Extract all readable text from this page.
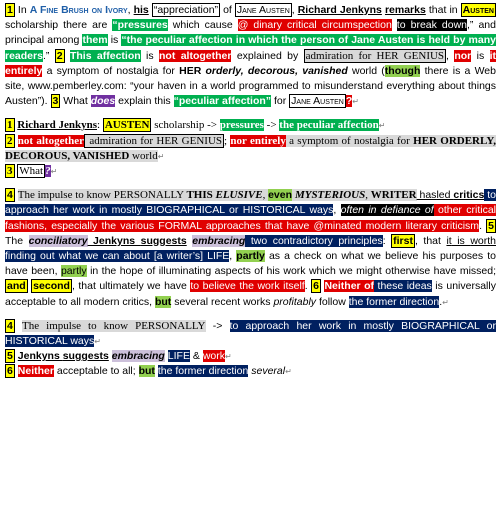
1 In A Fine Brush on Ivory, his “appreciation” of Jane Austen , Richard Jenkyns remarks that in Austen scholarship there are “pressures which cause @ dinary critical circumspection to break down,” and principal among them is “the peculiar affection in which the person of Jane Austen is held by many readers.” 2 This affection is not altogether explained by admiration for HER GENIUS , nor is it entirely a symptom of nostalgia for HER orderly, decorous, vanished world (though there is a Web site, www.pemberley.com: “your haven in a world programmed to misunderstand everything about things Austen”). 3 What does explain this “peculiar affection” for Jane Austen ?↵

1 Richard Jenkyns: AUSTEN scholarship -> pressures -> the peculiar affection↵
2 not altogether admiration for HER GENIUS ; nor entirely a symptom of nostalgia for HER ORDERLY, DECOROUS, VANISHED world↵
3 What ?↵

4 The impulse to know PERSONALLY THIS ELUSIVE, even MYSTERIOUS, WRITER hasled critics to approach her work in mostly BIOGRAPHICAL or HISTORICAL ways, often in defiance of other critical fashions, especially the various FORMAL approaches that have @minated modern literary criticism. 5 The conciliatory Jenkyns suggests embracing two contradictory principles: first , that it is worth finding out what we can about [a writer’s] LIFE, partly as a check on what we believe his purposes to have been, partly in the hope of illuminating aspects of his work which we might otherwise have missed; and second , that ultimately we have to believe the work itself. 6 Neither of these ideas is universally acceptable to all modern critics, but several recent works profitably follow the former direction.↵

4 The impulse to know PERSONALLY -> to approach her work in mostly BIOGRAPHICAL or HISTORICAL ways↵
5 Jenkyns suggests embracing LIFE & work↵
6 Neither acceptable to all; but the former direction several↵
